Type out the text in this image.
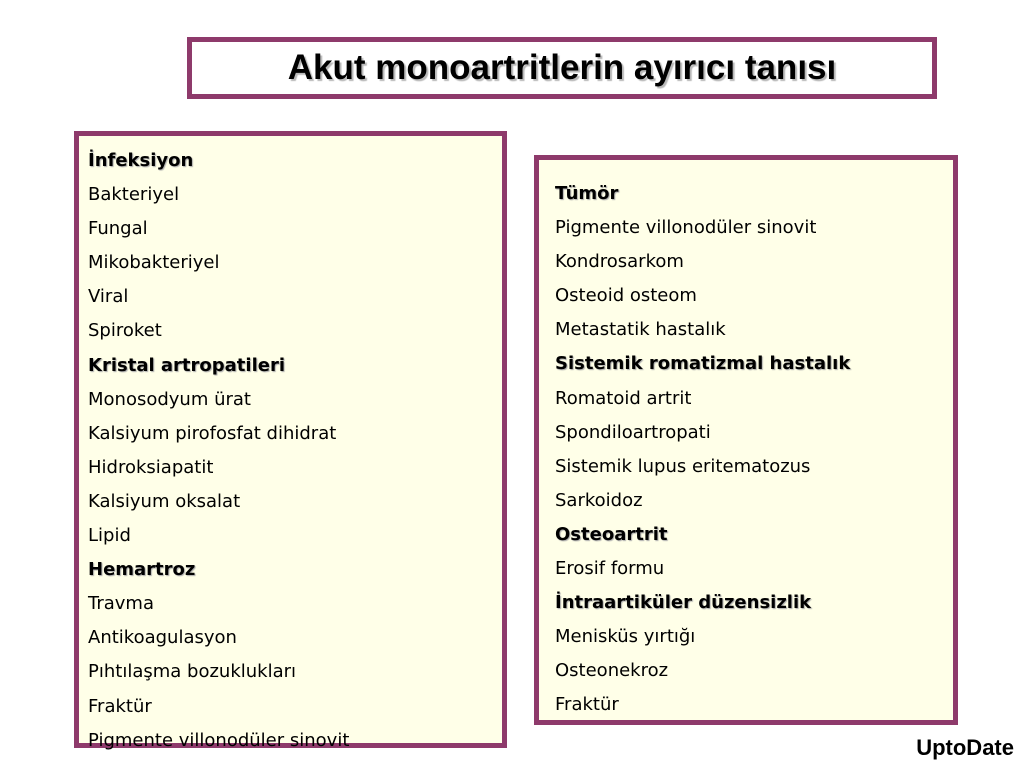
Akut monoartritlerin ayırıcı tanısı
İnfeksiyon
Bakteriyel
Fungal
Mikobakteriyel
Viral
Spiroket
Kristal artropatileri
Monosodyum ürat
Kalsiyum pirofosfat dihidrat
Hidroksiapatit
Kalsiyum oksalat
Lipid
Hemartroz
Travma
Antikoagulasyon
Pıhtılaşma bozuklukları
Fraktür
Pigmente villonodüler sinovit
Tümör
Pigmente villonodüler sinovit
Kondrosarkom
Osteoid osteom
Metastatik hastalık
Sistemik romatizmal hastalık
Romatoid artrit
Spondiloartropati
Sistemik lupus eritematozus
Sarkoidoz
Osteoartrit
Erosif formu
İntraartiküler düzensizlik
Menisküs yırtığı
Osteonekroz
Fraktür
UptoDate
